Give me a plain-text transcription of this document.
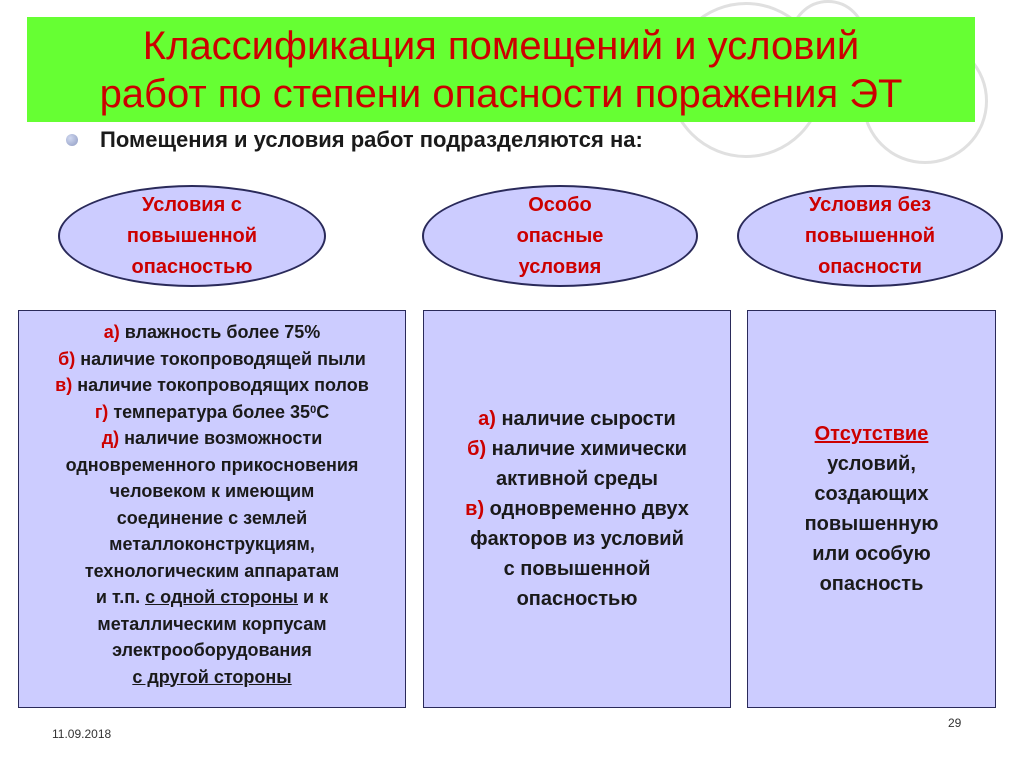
Классификация помещений и условий
работ по степени опасности поражения ЭТ
Помещения и условия работ подразделяются на:
Условия с
повышенной
опасностью
Особо
опасные
условия
Условия без
повышенной
опасности
а) влажность более 75%
б) наличие токопроводящей пыли
в) наличие токопроводящих полов
г) температура более $35^0С$
д) наличие возможности
одновременного прикосновения
человеком к имеющим
соединение с землей
металлоконструкциям,
технологическим аппаратам
и т.п. с одной стороны и к
металлическим корпусам
электрооборудования
с другой стороны
а) наличие сырости
б) наличие химически
активной среды
в) одновременно двух
факторов из условий
с повышенной
опасностью
Отсутствие
условий,
создающих
повышенную
или особую
опасность
11.09.2018
29
